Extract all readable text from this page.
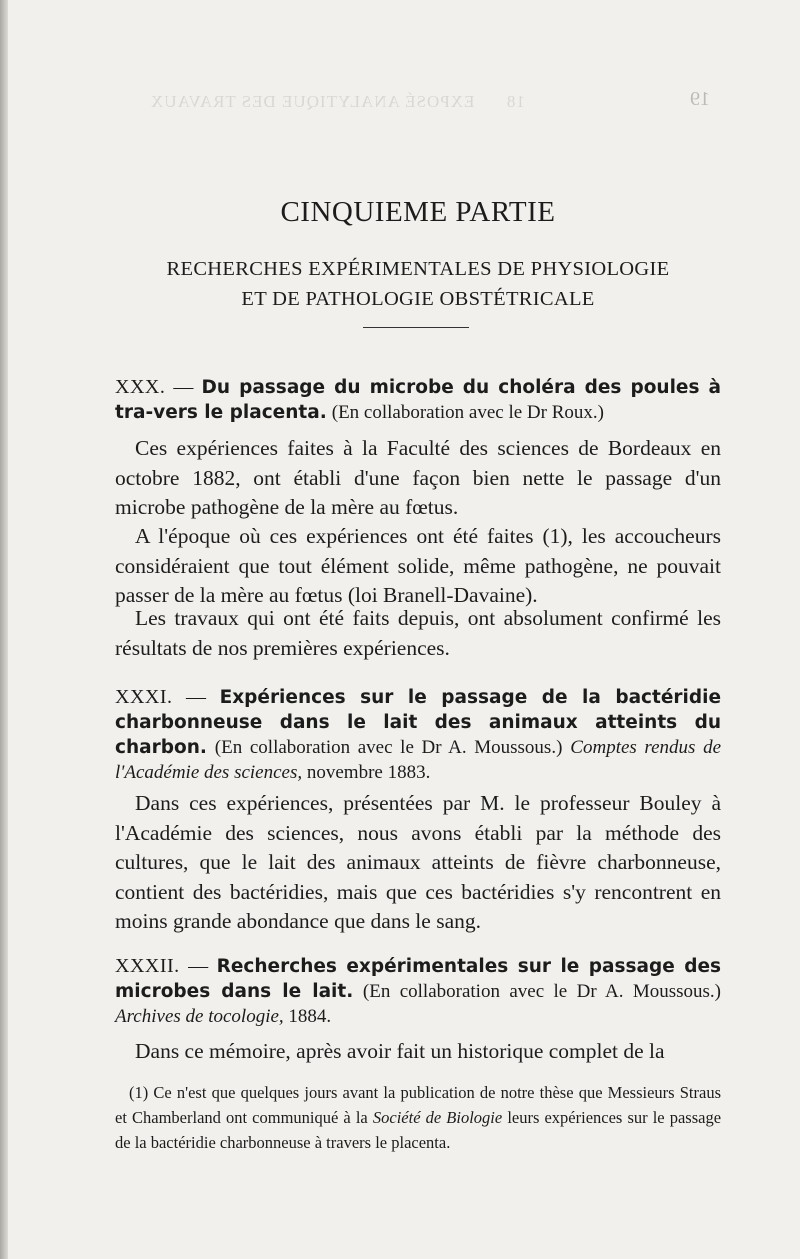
18      EXPOSÉ ANALYTIQUE DES TRAVAUX
	19
CINQUIEME PARTIE
RECHERCHES EXPÉRIMENTALES DE PHYSIOLOGIE
ET DE PATHOLOGIE OBSTÉTRICALE
XXX. — Du passage du microbe du choléra des poules à tra-vers le placenta. (En collaboration avec le Dr Roux.)
Ces expériences faites à la Faculté des sciences de Bordeaux en octobre 1882, ont établi d'une façon bien nette le passage d'un microbe pathogène de la mère au fœtus.
A l'époque où ces expériences ont été faites (1), les accoucheurs considéraient que tout élément solide, même pathogène, ne pouvait passer de la mère au fœtus (loi Branell-Davaine).
Les travaux qui ont été faits depuis, ont absolument confirmé les résultats de nos premières expériences.
XXXI. — Expériences sur le passage de la bactéridie charbonneuse dans le lait des animaux atteints du charbon. (En collaboration avec le Dr A. Moussous.) Comptes rendus de l'Académie des sciences, novembre 1883.
Dans ces expériences, présentées par M. le professeur Bouley à l'Académie des sciences, nous avons établi par la méthode des cultures, que le lait des animaux atteints de fièvre charbonneuse, contient des bactéridies, mais que ces bactéridies s'y rencontrent en moins grande abondance que dans le sang.
XXXII. — Recherches expérimentales sur le passage des microbes dans le lait. (En collaboration avec le Dr A. Moussous.) Archives de tocologie, 1884.
Dans ce mémoire, après avoir fait un historique complet de la
(1) Ce n'est que quelques jours avant la publication de notre thèse que Messieurs Straus et Chamberland ont communiqué à la Société de Biologie leurs expériences sur le passage de la bactéridie charbonneuse à travers le placenta.
